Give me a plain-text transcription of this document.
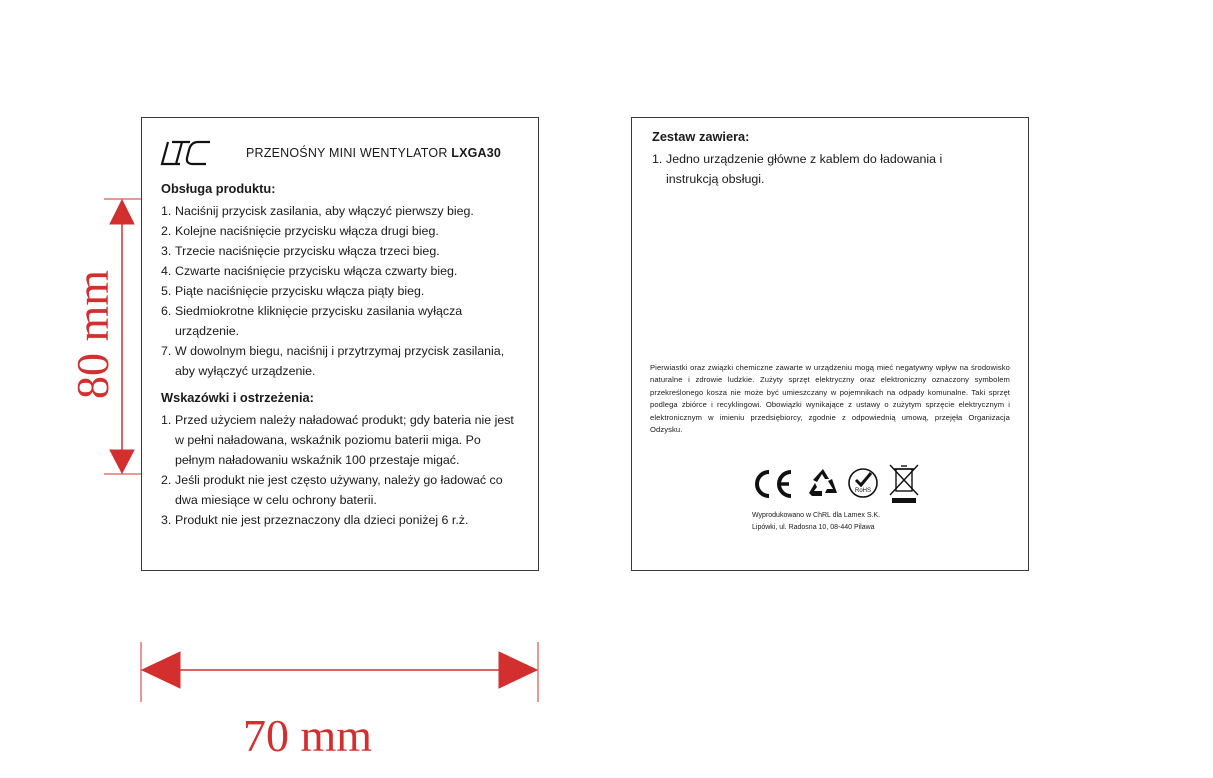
80 mm
70 mm
PRZENOŚNY MINI WENTYLATOR LXGA30
Obsługa produktu:
1. Naciśnij przycisk zasilania, aby włączyć pierwszy bieg.
2. Kolejne naciśnięcie przycisku włącza drugi bieg.
3. Trzecie naciśnięcie przycisku włącza trzeci bieg.
4. Czwarte naciśnięcie przycisku włącza czwarty bieg.
5. Piąte naciśnięcie przycisku włącza piąty bieg.
6. Siedmiokrotne kliknięcie przycisku zasilania wyłącza urządzenie.
7. W dowolnym biegu, naciśnij i przytrzymaj przycisk zasilania, aby wyłączyć urządzenie.
Wskazówki i ostrzeżenia:
1. Przed użyciem należy naładować produkt; gdy bateria nie jest w pełni naładowana, wskaźnik poziomu baterii miga. Po pełnym naładowaniu wskaźnik 100 przestaje migać.
2. Jeśli produkt nie jest często używany, należy go ładować co dwa miesiące w celu ochrony baterii.
3. Produkt nie jest przeznaczony dla dzieci poniżej 6 r.ż.
Zestaw zawiera:
1. Jedno urządzenie główne z kablem do ładowania i instrukcją obsługi.
Pierwiastki oraz związki chemiczne zawarte w urządzeniu mogą mieć negatywny wpływ na środowisko naturalne i zdrowie ludzkie. Zużyty sprzęt elektryczny oraz elektroniczny oznaczony symbolem przekreślonego kosza nie może być umieszczany w pojemnikach na odpady komunalne. Taki sprzęt podlega zbiórce i recyklingowi. Obowiązki wynikające z ustawy o zużytym sprzęcie elektrycznym i elektronicznym w imieniu przedsiębiorcy, zgodnie z odpowiednią umową, przejęła Organizacja Odzysku.
RoHS
Wyprodukowano w ChRL dla Lamex S.K.
Lipówki, ul. Radosna 10, 08-440 Pilawa
